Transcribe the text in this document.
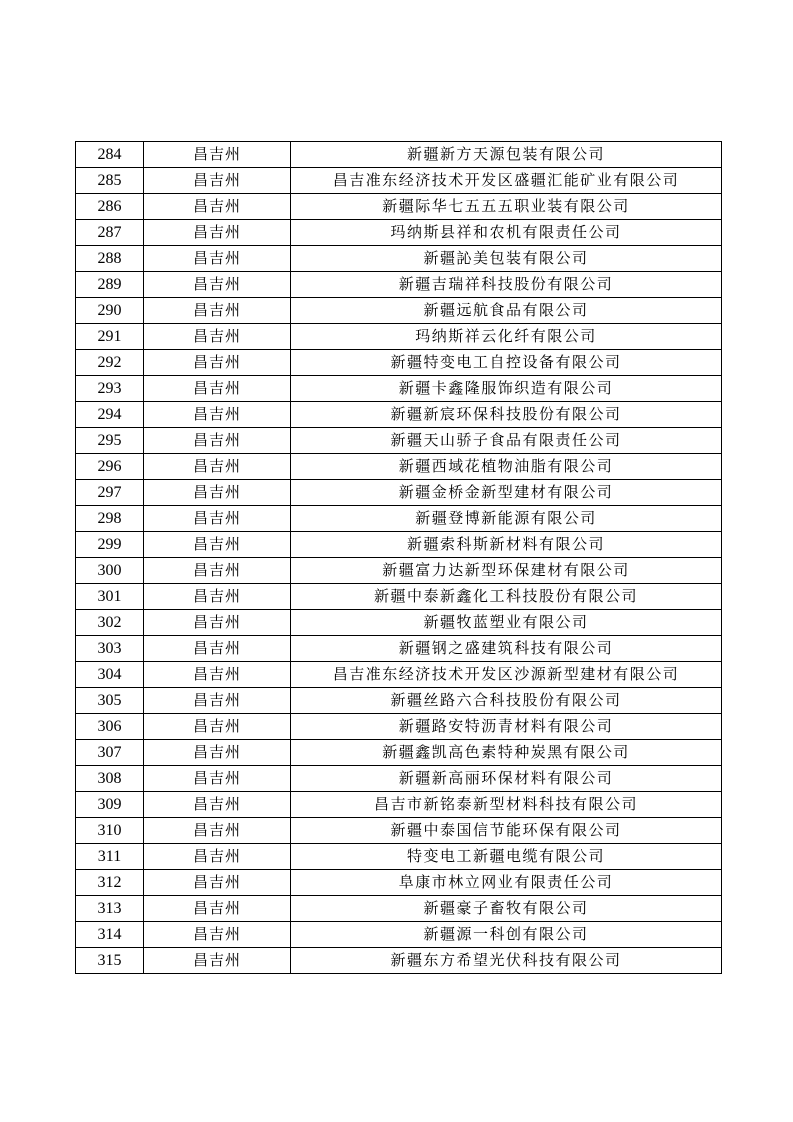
284	昌吉州	新疆新方天源包装有限公司
285	昌吉州	昌吉准东经济技术开发区盛疆汇能矿业有限公司
286	昌吉州	新疆际华七五五五职业装有限公司
287	昌吉州	玛纳斯县祥和农机有限责任公司
288	昌吉州	新疆訫美包装有限公司
289	昌吉州	新疆吉瑞祥科技股份有限公司
290	昌吉州	新疆远航食品有限公司
291	昌吉州	玛纳斯祥云化纤有限公司
292	昌吉州	新疆特变电工自控设备有限公司
293	昌吉州	新疆卡鑫隆服饰织造有限公司
294	昌吉州	新疆新宸环保科技股份有限公司
295	昌吉州	新疆天山骄子食品有限责任公司
296	昌吉州	新疆西域花植物油脂有限公司
297	昌吉州	新疆金桥金新型建材有限公司
298	昌吉州	新疆登博新能源有限公司
299	昌吉州	新疆索科斯新材料有限公司
300	昌吉州	新疆富力达新型环保建材有限公司
301	昌吉州	新疆中泰新鑫化工科技股份有限公司
302	昌吉州	新疆牧蓝塑业有限公司
303	昌吉州	新疆钢之盛建筑科技有限公司
304	昌吉州	昌吉准东经济技术开发区沙源新型建材有限公司
305	昌吉州	新疆丝路六合科技股份有限公司
306	昌吉州	新疆路安特沥青材料有限公司
307	昌吉州	新疆鑫凯高色素特种炭黑有限公司
308	昌吉州	新疆新高丽环保材料有限公司
309	昌吉州	昌吉市新铭泰新型材料科技有限公司
310	昌吉州	新疆中泰国信节能环保有限公司
311	昌吉州	特变电工新疆电缆有限公司
312	昌吉州	阜康市林立网业有限责任公司
313	昌吉州	新疆豪子畜牧有限公司
314	昌吉州	新疆源一科创有限公司
315	昌吉州	新疆东方希望光伏科技有限公司
